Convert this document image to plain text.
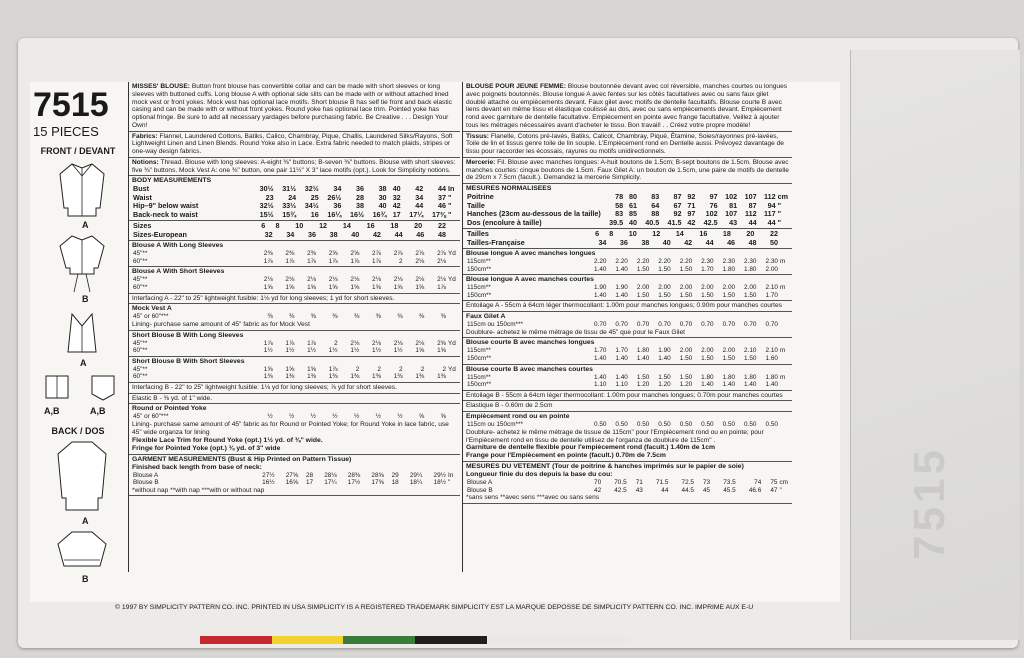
7515
7515
15 PIECES
FRONT / DEVANT
A
B
A
A,B	A,B
BACK / DOS
A
B
MISSES' BLOUSE: Button front blouse has convertible collar and can be made with short sleeves or long sleeves with buttoned cuffs. Long blouse A with optional side slits can be made with or without attached lined mock vest or front yokes. Mock vest has optional lace motifs. Short blouse B has self tie front and back elastic casing and can be made with or without front yokes. Round yoke has optional lace trim. Pointed yoke has optional fringe. Be sure to add all necessary yardages before purchasing fabric. Be Creative . . . Design Your Own!
Fabrics: Flannel, Laundered Cottons, Batiks, Calico, Chambray, Pique, Challis, Laundered Silks/Rayons, Soft Lightweight Linen and Linen Blends. Round Yoke also in Lace. Extra fabric needed to match plaids, stripes or one-way design fabrics.
Notions: Thread. Blouse with long sleeves: A-eight ⅜" buttons; B-seven ⅜" buttons. Blouse with short sleeves: five ⅜" buttons. Mock Vest A: one ⅜" button, one pair 11½" X 3" lace motifs (opt.). Look for Simplicity notions.
BODY MEASUREMENTS
Bust	30½	31½	32½	34	36	38	40	42	44	In
Waist	23	24	25	26½	28	30	32	34	37	"
Hip–9" below waist	32½	33½	34½	36	38	40	42	44	46	"
Back-neck to waist	15½	15¾	16	16¼	16½	16¾	17	17¼	17⅜	"
Sizes	6	8	10	12	14	16	18	20	22	
Sizes-European	32	34	36	38	40	42	44	46	48	
Blouse A With Long Sleeves
45"**	2⅜	2⅜	2⅜	2⅝	2⅝	2⅞	2⅞	2⅞	2⅞	Yd
60"**	1⅞	1⅞	1⅞	1⅞	1⅞	1⅞	2	2⅛	2⅛	
Blouse A With Short Sleeves
45"**	2⅛	2⅛	2⅛	2⅛	2⅛	2⅛	2⅛	2⅛	2⅛	Yd
60"**	1⅝	1⅝	1⅝	1⅝	1⅝	1⅝	1⅝	1⅝	1⅞	
Interfacing A - 22" to 25" lightweight fusible: 1⅛ yd for long sleeves; 1 yd for short sleeves.
Mock Vest A
45" or 60"***	⅜	⅜	⅜	⅜	⅜	⅜	⅜	⅜	⅜	
Lining- purchase same amount of 45" fabric as for Mock Vest
Short Blouse B With Long Sleeves
45"**	1⅞	1⅞	1⅞	2	2⅛	2⅛	2⅛	2⅛	2⅝	Yd
60"**	1½	1½	1½	1½	1½	1½	1½	1⅝	1⅝	
Short Blouse B With Short Sleeves
45"**	1⅝	1⅝	1⅝	1⅞	2	2	2	2	2	Yd
60"**	1⅜	1⅜	1⅜	1⅜	1⅜	1⅜	1⅜	1⅜	1⅜	
Interfacing B - 22" to 25" lightweight fusible: 1⅛ yd for long sleeves; ⅞ yd for short sleeves.
Elastic B - ⅜ yd. of 1" wide.
Round or Pointed Yoke
45" or 60"***	½	½	½	½	½	½	½	⅝	⅝	
Lining- purchase same amount of 45" fabric as for Round or Pointed Yoke; for Round Yoke in lace fabric, use 45" wide organza for lining
Flexible Lace Trim for Round Yoke (opt.) 1½ yd. of ⅜" wide.
Fringe for Pointed Yoke (opt.) ⅜ yd. of 3" wide
GARMENT MEASUREMENTS (Bust & Hip Printed on Pattern Tissue)
Finished back length from base of neck:
Blouse A	27½	27⅝	28	28⅛	28⅜	28⅝	29	29¼	29½	In
Blouse B	16½	16⅝	17	17¼	17½	17⅝	18	18¼	18½	"
*without nap **with nap ***with or without nap
BLOUSE POUR JEUNE FEMME: Blouse boutonnée devant avec col réversible, manches courtes ou longues avec poignets boutonnés. Blouse longue A avec fentes sur les côtés facultatives avec ou sans faux gilet doublé attaché ou empiècements devant. Faux gilet avec motifs de dentelle facultatifs. Blouse courte B avec liens devant en même tissu et élastique coulissé au dos, avec ou sans empiècements devant. Empiècement rond avec garniture de dentelle facultative. Empiècement en pointe avec frange facultative. Veillez à ajouter tous les métrages nécessaires avant d'acheter le tissu. Bon travail! . . Créez votre propre modèle!
Tissus: Flanelle, Cotons pré-lavés, Batiks, Calicot, Chambray, Piqué, Étamine, Soies/rayonnes pré-lavées, Toile de lin et tissus genre toile de lin souple. L'Empiècement rond en Dentelle aussi. Prévoyez davantage de tissu pour raccorder les écossais, rayures ou motifs unidirectionnels.
Mercerie: Fil. Blouse avec manches longues: A-huit boutons de 1.5cm; B-sept boutons de 1.5cm. Blouse avec manches courtes: cinque boutons de 1.5cm. Faux Gilet A: un bouton de 1.5cm, une paire de motifs de dentelle de 29cm x 7.5cm (facult.). Demandez la mercerie Simplicity.
MESURES NORMALISEES
Poitrine	78	80	83	87	92	97	102	107	112	cm
Taille	58	61	64	67	71	76	81	87	94	"
Hanches (23cm au-dessous de la taille)	83	85	88	92	97	102	107	112	117	"
Dos (encolure à taille)	39.5	40	40.5	41.5	42	42.5	43	44	44	"
Tailles	6	8	10	12	14	16	18	20	22	
Tailles-Française	34	36	38	40	42	44	46	48	50	
Blouse longue A avec manches longues
115cm**	2.20	2.20	2.20	2.20	2.20	2.30	2.30	2.30	2.30	m
150cm**	1.40	1.40	1.50	1.50	1.50	1.70	1.80	1.80	2.00	
Blouse longue A avec manches courtes
115cm**	1.90	1.90	2.00	2.00	2.00	2.00	2.00	2.00	2.10	m
150cm**	1.40	1.40	1.50	1.50	1.50	1.50	1.50	1.50	1.70	
Entoilage A - 55cm à 64cm léger thermocollant: 1.00m pour manches longues; 0.90m pour manches courtes
Faux Gilet A
115cm ou 150cm***	0.70	0.70	0.70	0.70	0.70	0.70	0.70	0.70	0.70	
Doublure- achetez le même métrage de tissu de 45" que pour le Faux Gilet
Blouse courte B avec manches longues
115cm**	1.70	1.70	1.80	1.90	2.00	2.00	2.00	2.10	2.10	m
150cm**	1.40	1.40	1.40	1.40	1.50	1.50	1.50	1.50	1.60	
Blouse courte B avec manches courtes
115cm**	1.40	1.40	1.50	1.50	1.50	1.80	1.80	1.80	1.80	m
150cm**	1.10	1.10	1.20	1.20	1.20	1.40	1.40	1.40	1.40	
Entoilage B - 55cm à 64cm léger thermocollant: 1.00m pour manches longues; 0.70m pour manches courtes
Elastique B - 0.60m de 2.5cm
Empiècement rond ou en pointe
115cm ou 150cm***	0.50	0.50	0.50	0.50	0.50	0.50	0.50	0.50	0.50	
Doublure- achetez le même métrage de tissue de 115cm" pour l'Empiècement rond ou en pointe; pour l'Empiècement rond en tissu de dentelle utilisez de l'organza de doublure de 115cm" .
Garniture de dentelle flexible pour l'empiècement rond (facult.) 1.40m de 1cm
Frange pour l'Empiècement en pointe (facult.) 0.70m de 7.5cm
MESURES DU VETEMENT (Tour de poitrine & hanches imprimés sur le papier de soie)
Longueur finie du dos depuis la base du cou:
Blouse A	70	70.5	71	71.5	72.5	73	73.5	74	75	cm
Blouse B	42	42.5	43	44	44.5	45	45.5	46.6	47	"
*sans sens **avec sens ***avec ou sans sens
© 1997 BY SIMPLICITY PATTERN CO. INC. PRINTED IN USA SIMPLICITY IS A REGISTERED TRADEMARK SIMPLICITY EST LA MARQUE DEPOSSE DE SIMPLICITY PATTERN CO. INC. IMPRIME AUX E-U
